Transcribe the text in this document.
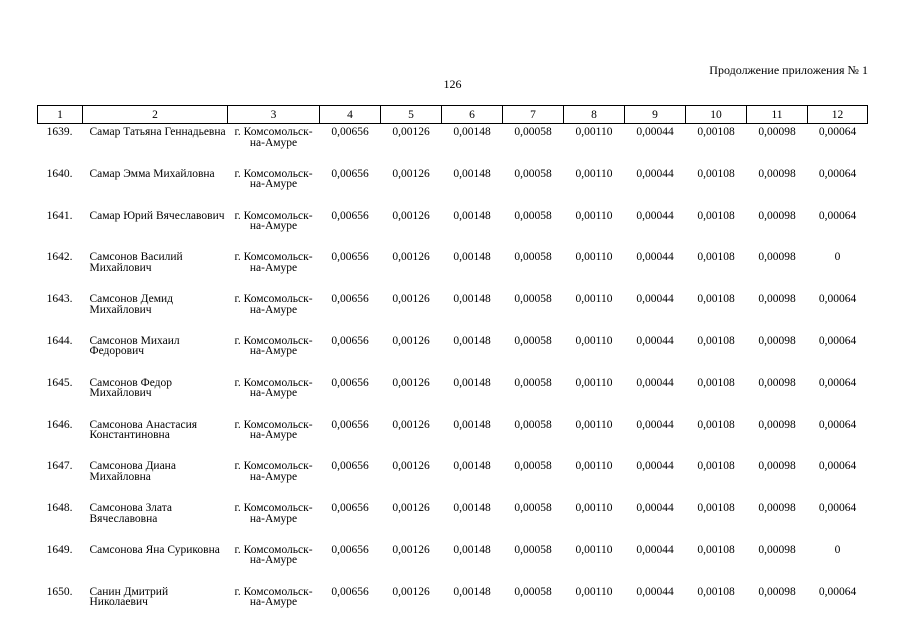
Продолжение приложения № 1
126
1	2	3	4	5	6	7	8	9	10	11	12
1639.	Самар Татьяна Геннадьевна	г. Комсомольск-на-Амуре	0,00656	0,00126	0,00148	0,00058	0,00110	0,00044	0,00108	0,00098	0,00064
1640.	Самар Эмма Михайловна	г. Комсомольск-на-Амуре	0,00656	0,00126	0,00148	0,00058	0,00110	0,00044	0,00108	0,00098	0,00064
1641.	Самар Юрий Вячеславович	г. Комсомольск-на-Амуре	0,00656	0,00126	0,00148	0,00058	0,00110	0,00044	0,00108	0,00098	0,00064
1642.	Самсонов Василий Михайлович	г. Комсомольск-на-Амуре	0,00656	0,00126	0,00148	0,00058	0,00110	0,00044	0,00108	0,00098	0
1643.	Самсонов Демид Михайлович	г. Комсомольск-на-Амуре	0,00656	0,00126	0,00148	0,00058	0,00110	0,00044	0,00108	0,00098	0,00064
1644.	Самсонов Михаил Федорович	г. Комсомольск-на-Амуре	0,00656	0,00126	0,00148	0,00058	0,00110	0,00044	0,00108	0,00098	0,00064
1645.	Самсонов Федор Михайлович	г. Комсомольск-на-Амуре	0,00656	0,00126	0,00148	0,00058	0,00110	0,00044	0,00108	0,00098	0,00064
1646.	Самсонова Анастасия Константиновна	г. Комсомольск-на-Амуре	0,00656	0,00126	0,00148	0,00058	0,00110	0,00044	0,00108	0,00098	0,00064
1647.	Самсонова Диана Михайловна	г. Комсомольск-на-Амуре	0,00656	0,00126	0,00148	0,00058	0,00110	0,00044	0,00108	0,00098	0,00064
1648.	Самсонова Злата Вячеславовна	г. Комсомольск-на-Амуре	0,00656	0,00126	0,00148	0,00058	0,00110	0,00044	0,00108	0,00098	0,00064
1649.	Самсонова Яна Суриковна	г. Комсомольск-на-Амуре	0,00656	0,00126	0,00148	0,00058	0,00110	0,00044	0,00108	0,00098	0
1650.	Санин Дмитрий Николаевич	г. Комсомольск-на-Амуре	0,00656	0,00126	0,00148	0,00058	0,00110	0,00044	0,00108	0,00098	0,00064
